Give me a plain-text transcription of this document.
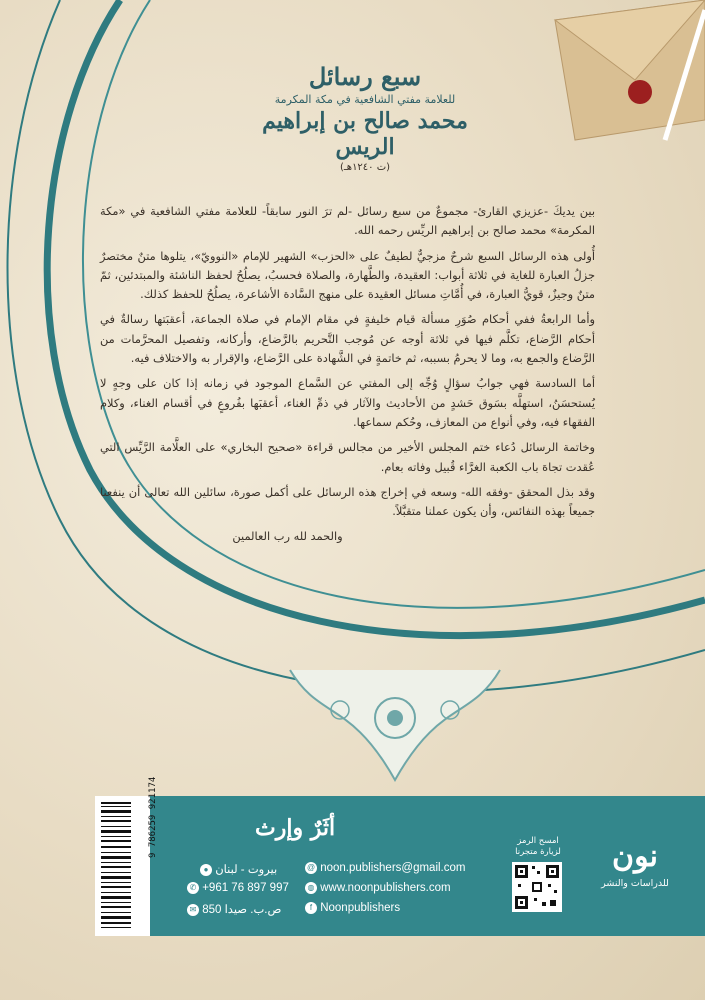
سبع رسائل
للعلامة مفتي الشافعية في مكة المكرمة
محمد صالح بن إبراهيم الريس
(ت ١٢٤٠هـ)

بين يديكَ -عزيزي القارئ- مجموعٌ من سبع رسائل -لم ترَ النور سابقاً- للعلامة مفتي الشافعية في «مكة المكرمة» محمد صالح بن إبراهيم الريِّس رحمه الله.

أُولى هذه الرسائل السبع شرحٌ مزجيٌّ لطيفٌ على «الحزب» الشهير للإمام «النوويّ»، يتلوها متنٌ مختصرٌ جزلُ العبارة للغاية في ثلاثة أبواب: العقيدة، والطَّهارة، والصلاة فحسبُ، يصلُحُ لحفظ الناشئة والمبتدئين، ثمّ متنٌ وجيزٌ، قويُّ العبارة، في أُمَّاتِ مسائل العقيدة على منهج السَّادة الأشاعرة، يصلُحُ للحفظ كذلك.

وأما الرابعةُ ففي أحكام صُوَرِ مسألة قيام خليفةٍ في مقام الإمام في صلاة الجماعة، أعقبَتها رسالةٌ في أحكام الرَّضاع، تكلَّم فيها في ثلاثة أوجه عن مُوجب التَّحريم بالرَّضاع، وأركانه، وتفصيل المحرَّمات من الرَّضاع والجمع به، وما لا يحرمُ بسببه، ثم خاتمةٍ في الشَّهادة على الرَّضاع، والإقرار به والاختلاف فيه.

أما السادسة فهي جوابُ سؤالٍ وُجِّه إلى المفتي عن السَّماع الموجود في زمانه إذا كان على وجهٍ لا يُستحسَنُ، استهلَّه بسَوق حَشدٍ من الأحاديث والآثار في ذمِّ الغناء، أعقبَها بفُروعٍ في أقسام الغناء، وكلام الفقهاء فيه، وفي أنواع من المعازف، وحُكم سماعها.

وخاتمة الرسائل دُعاء ختم المجلس الأخير من مجالس قراءة «صحيح البخاري» على العلَّامة الرَّيِّس التي عُقدت تجاهَ باب الكعبة الغرَّاء قُبيل وفاته بعام.

وقد بذل المحقق -وفقه الله- وسعه في إخراج هذه الرسائل على أكمل صورة، سائلين الله تعالى أن ينفعنا جميعاً بهذه النفائس، وأن يكون عملنا متقبَّلاً.

والحمد لله رب العالمين

9 786259 921174	أثَرٌ وإرث
● بيروت - لبنان
✆ +961 76 897 997
✉ ص.ب. صيدا 850
@ noon.publishers@gmail.com
◍ www.noonpublishers.com
f Noonpublishers
امسح الرمز لزيارة متجرنا	نون
للدراسات والنشر
